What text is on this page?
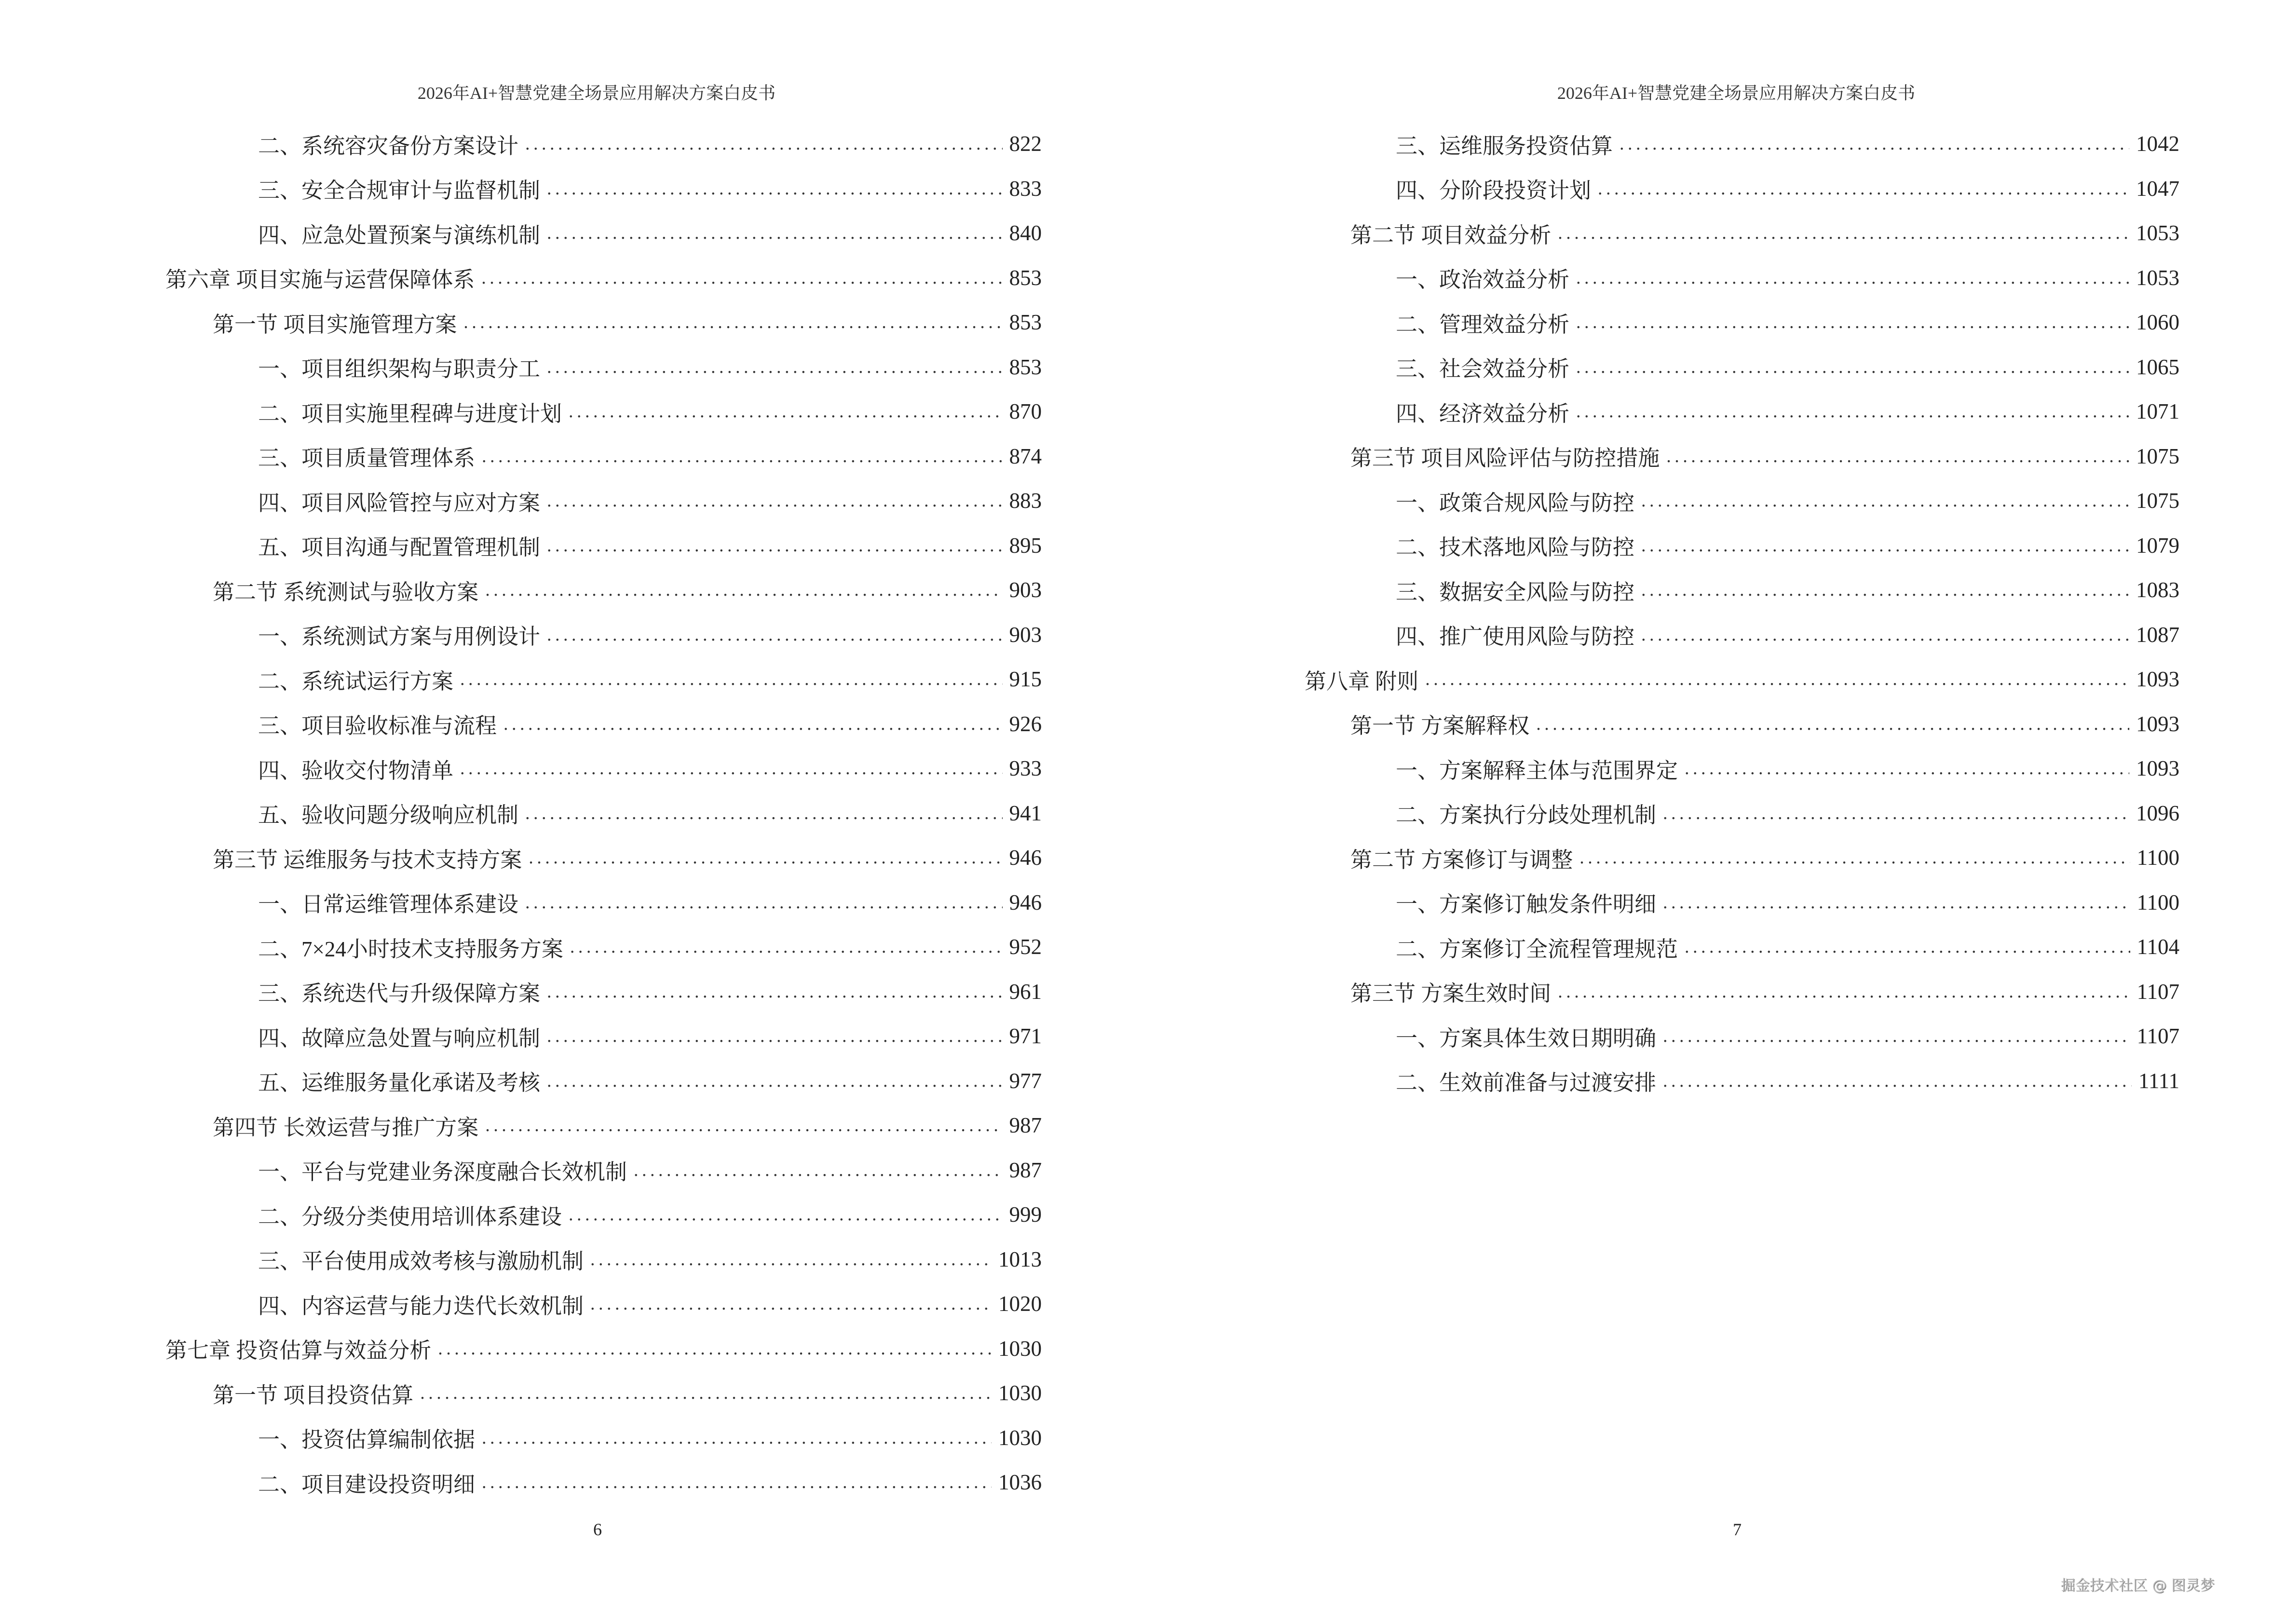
2026年AI+智慧党建全场景应用解决方案白皮书
二、系统容灾备份方案设计 . . .	822
三、安全合规审计与监督机制 . . .	833
四、应急处置预案与演练机制 . . .	840
第六章 项目实施与运营保障体系 . . .	853
第一节 项目实施管理方案 . . .	853
一、项目组织架构与职责分工 . . .	853
二、项目实施里程碑与进度计划 . . .	870
三、项目质量管理体系 . . .	874
四、项目风险管控与应对方案 . . .	883
五、项目沟通与配置管理机制 . . .	895
第二节 系统测试与验收方案 . . .	903
一、系统测试方案与用例设计 . . .	903
二、系统试运行方案 . . .	915
三、项目验收标准与流程 . . .	926
四、验收交付物清单 . . .	933
五、验收问题分级响应机制 . . .	941
第三节 运维服务与技术支持方案 . . .	946
一、日常运维管理体系建设 . . .	946
二、7×24小时技术支持服务方案 . . .	952
三、系统迭代与升级保障方案 . . .	961
四、故障应急处置与响应机制 . . .	971
五、运维服务量化承诺及考核 . . .	977
第四节 长效运营与推广方案 . . .	987
一、平台与党建业务深度融合长效机制 . . .	987
二、分级分类使用培训体系建设 . . .	999
三、平台使用成效考核与激励机制 . . .	1013
四、内容运营与能力迭代长效机制 . . .	1020
第七章 投资估算与效益分析 . . .	1030
第一节 项目投资估算 . . .	1030
一、投资估算编制依据 . . .	1030
二、项目建设投资明细 . . .	1036
6
2026年AI+智慧党建全场景应用解决方案白皮书
三、运维服务投资估算 . . .	1042
四、分阶段投资计划 . . .	1047
第二节 项目效益分析 . . .	1053
一、政治效益分析 . . .	1053
二、管理效益分析 . . .	1060
三、社会效益分析 . . .	1065
四、经济效益分析 . . .	1071
第三节 项目风险评估与防控措施 . . .	1075
一、政策合规风险与防控 . . .	1075
二、技术落地风险与防控 . . .	1079
三、数据安全风险与防控 . . .	1083
四、推广使用风险与防控 . . .	1087
第八章 附则 . . .	1093
第一节 方案解释权 . . .	1093
一、方案解释主体与范围界定 . . .	1093
二、方案执行分歧处理机制 . . .	1096
第二节 方案修订与调整 . . .	1100
一、方案修订触发条件明细 . . .	1100
二、方案修订全流程管理规范 . . .	1104
第三节 方案生效时间 . . .	1107
一、方案具体生效日期明确 . . .	1107
二、生效前准备与过渡安排 . . .	1111
7
掘金技术社区 @ 图灵梦
